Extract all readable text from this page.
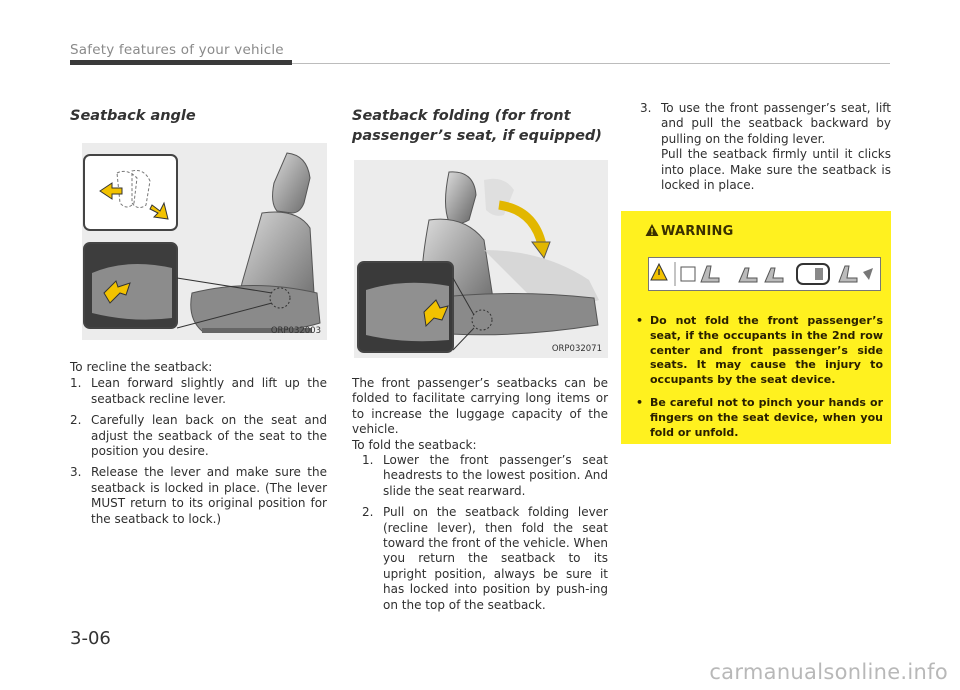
Safety features of your vehicle
Seatback angle
ORP032003

To recline the seatback:

1. Lean forward slightly and lift up the seatback recline lever.
2. Carefully lean back on the seat and adjust the seatback of the seat to the position you desire.
3. Release the lever and make sure the seatback is locked in place. (The lever MUST return to its original position for the seatback to lock.)
Seatback folding (for front
passenger’s seat, if equipped)
ORP032071

The front passenger’s seatbacks can be folded to facilitate carrying long items or to increase the luggage capacity of the vehicle.

To fold the seatback:

1. Lower the front passenger’s seat headrests to the lowest position. And slide the seat rearward.
2. Pull on the seatback folding lever (recline lever), then fold the seat toward the front of the vehicle. When you return the seatback to its upright position, always be sure it has locked into position by push-ing on the top of the seatback.
3. To use the front passenger’s seat, lift and pull the seatback backward by pulling on the folding lever.

Pull the seatback firmly until it clicks into place. Make sure the seatback is locked in place.

WARNING
• Do not fold the front passenger’s seat, if the occupants in the 2nd row center and front passenger’s side seats. It may cause the injury to occupants by the seat device.
• Be careful not to pinch your hands or fingers on the seat device, when you fold or unfold.
3-06
carmanualsonline.info
